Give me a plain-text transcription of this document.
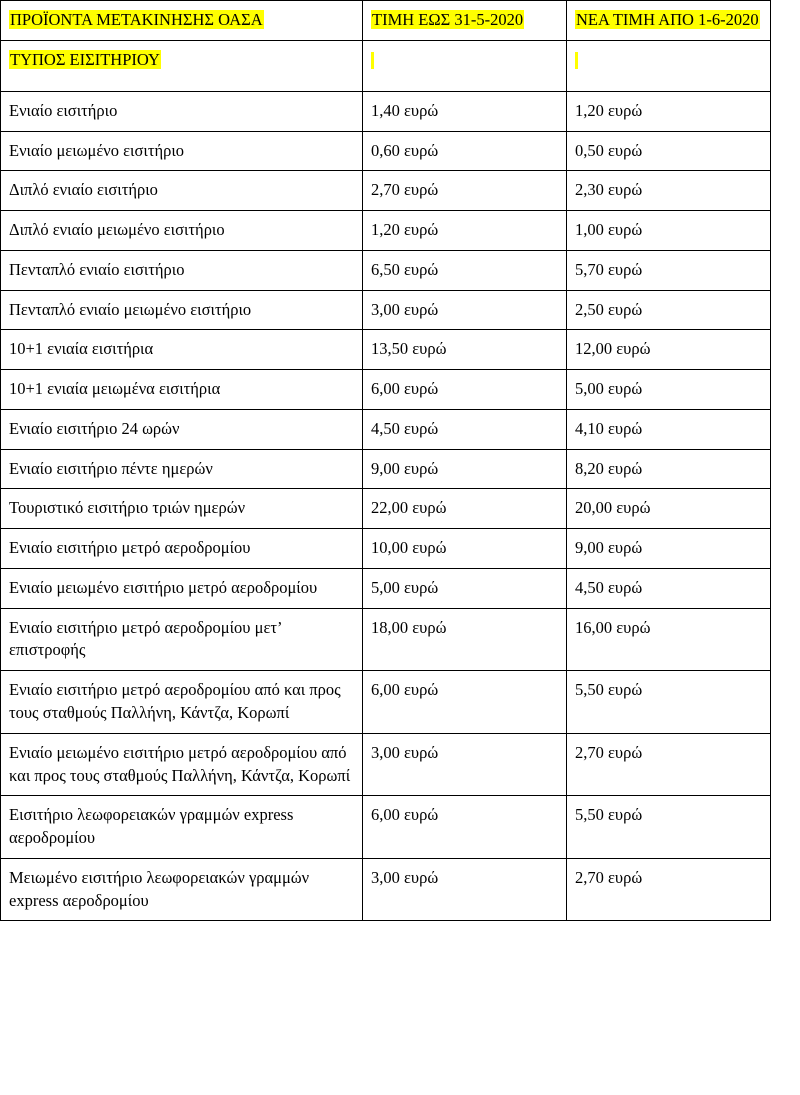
ΠΡΟΪΟΝΤΑ ΜΕΤΑΚΙΝΗΣΗΣ ΟΑΣΑ	ΤΙΜΗ ΕΩΣ 31-5-2020	ΝΕΑ ΤΙΜΗ ΑΠΟ 1-6-2020
ΤΥΠΟΣ ΕΙΣΙΤΗΡΙΟΥ		
Ενιαίο εισιτήριο	1,40 ευρώ	1,20 ευρώ
Ενιαίο μειωμένο εισιτήριο	0,60 ευρώ	0,50 ευρώ
Διπλό ενιαίο εισιτήριο	2,70 ευρώ	2,30 ευρώ
Διπλό ενιαίο μειωμένο εισιτήριο	1,20 ευρώ	1,00 ευρώ
Πενταπλό ενιαίο εισιτήριο	6,50 ευρώ	5,70 ευρώ
Πενταπλό ενιαίο μειωμένο εισιτήριο	3,00 ευρώ	2,50 ευρώ
10+1 ενιαία εισιτήρια	13,50 ευρώ	12,00 ευρώ
10+1 ενιαία μειωμένα εισιτήρια	6,00 ευρώ	5,00 ευρώ
Ενιαίο εισιτήριο 24 ωρών	4,50 ευρώ	4,10 ευρώ
Ενιαίο εισιτήριο πέντε ημερών	9,00 ευρώ	8,20 ευρώ
Τουριστικό εισιτήριο τριών ημερών	22,00 ευρώ	20,00 ευρώ
Ενιαίο εισιτήριο μετρό αεροδρομίου	10,00 ευρώ	9,00 ευρώ
Ενιαίο μειωμένο εισιτήριο μετρό αεροδρομίου	5,00 ευρώ	4,50 ευρώ
Ενιαίο εισιτήριο μετρό αεροδρομίου μετ’ επιστροφής	18,00 ευρώ	16,00 ευρώ
Ενιαίο εισιτήριο μετρό αεροδρομίου από και προς τους σταθμούς Παλλήνη, Κάντζα, Κορωπί	6,00 ευρώ	5,50 ευρώ
Ενιαίο μειωμένο εισιτήριο μετρό αεροδρομίου από και προς τους σταθμούς Παλλήνη, Κάντζα, Κορωπί	3,00 ευρώ	2,70 ευρώ
Εισιτήριο λεωφορειακών γραμμών express αεροδρομίου	6,00 ευρώ	5,50 ευρώ
Μειωμένο εισιτήριο λεωφορειακών γραμμών express αεροδρομίου	3,00 ευρώ	2,70 ευρώ
